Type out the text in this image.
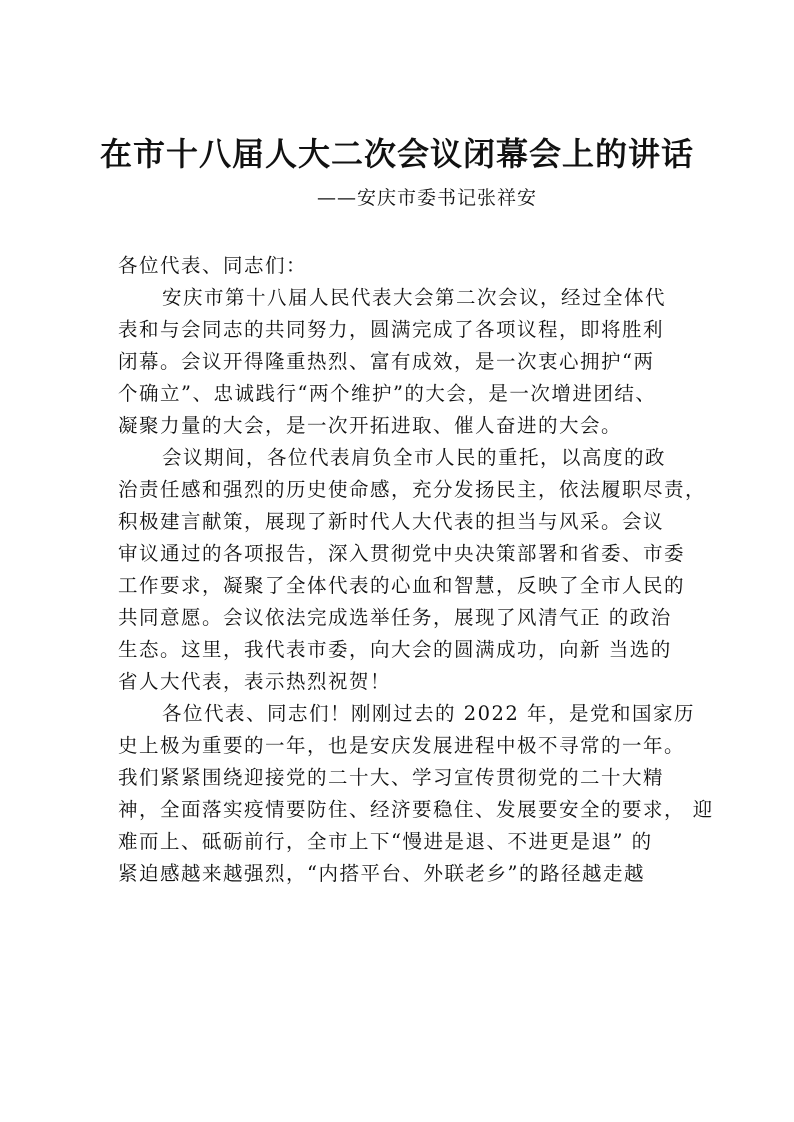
在市十八届人大二次会议闭幕会上的讲话
——安庆市委书记张祥安
各位代表、同志们：
安庆市第十八届人民代表大会第二次会议，经过全体代
表和与会同志的共同努力，圆满完成了各项议程，即将胜利
闭幕。会议开得隆重热烈、富有成效，是一次衷心拥护“两
个确立”、忠诚践行“两个维护”的大会，是一次增进团结、
凝聚力量的大会，是一次开拓进取、催人奋进的大会。
会议期间，各位代表肩负全市人民的重托，以高度的政
治责任感和强烈的历史使命感，充分发扬民主，依法履职尽责，
积极建言献策，展现了新时代人大代表的担当与风采。会议
审议通过的各项报告，深入贯彻党中央决策部署和省委、市委
工作要求，凝聚了全体代表的心血和智慧，反映了全市人民的
共同意愿。会议依法完成选举任务，展现了风清气正 的政治
生态。这里，我代表市委，向大会的圆满成功，向新 当选的
省人大代表，表示热烈祝贺！
各位代表、同志们！刚刚过去的 2022 年，是党和国家历
史上极为重要的一年，也是安庆发展进程中极不寻常的一年。
我们紧紧围绕迎接党的二十大、学习宣传贯彻党的二十大精
神，全面落实疫情要防住、经济要稳住、发展要安全的要求， 迎
难而上、砥砺前行，全市上下“慢进是退、不进更是退” 的
紧迫感越来越强烈，“内搭平台、外联老乡”的路径越走越
